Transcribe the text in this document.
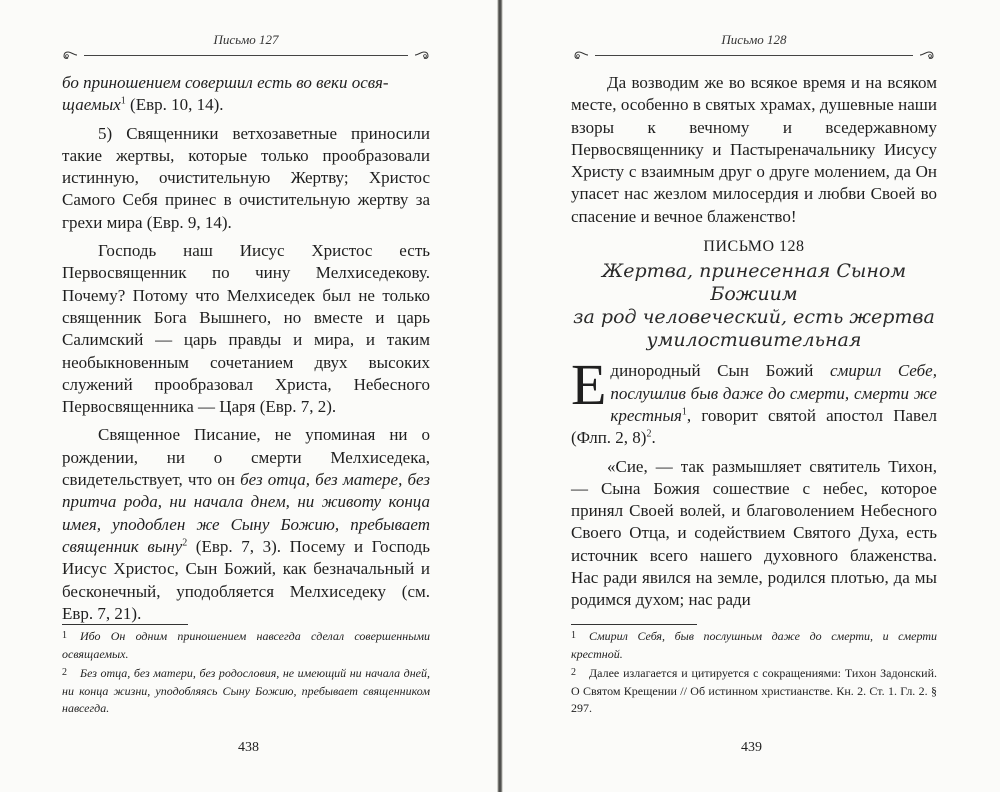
Письмо 127

бо приношением совершил есть во веки освя-
щаемых$^1$ (Евр. 10, 14).

5) Священники ветхозаветные приносили такие жертвы, которые только прообразовали истинную, очистительную Жертву; Христос Самого Себя принес в очистительную жертву за грехи мира (Евр. 9, 14).

Господь наш Иисус Христос есть Первосвященник по чину Мелхиседекову. Почему? Потому что Мелхиседек был не только священник Бога Вышнего, но вместе и царь Салимский — царь правды и мира, и таким необыкновенным сочетанием двух высоких служений прообразовал Христа, Небесного Первосвященника — Царя (Евр. 7, 2).

Священное Писание, не упоминая ни о рождении, ни о смерти Мелхиседека, свидетельствует, что он без отца, без матере, без притча рода, ни начала днем, ни животу конца имея, уподоблен же Сыну Божию, пребывает священник выну$^2$ (Евр. 7, 3). Посему и Господь Иисус Христос, Сын Божий, как безначальный и бесконечный, уподобляется Мелхиседеку (см. Евр. 7, 21).

1 Ибо Он одним приношением навсегда сделал совершенными освящаемых.

2 Без отца, без матери, без родословия, не имеющий ни начала дней, ни конца жизни, уподобляясь Сыну Божию, пребывает священником навсегда.

438
Письмо 128

Да возводим же во всякое время и на всяком месте, особенно в святых храмах, душевные наши взоры к вечному и вседержавному Первосвященнику и Пастыреначальнику Иисусу Христу с взаимным друг о друге молением, да Он упасет нас жезлом милосердия и любви Своей во спасение и вечное блаженство!

ПИСЬМО 128

Жертва, принесенная Сыном Божиим
за род человеческий, есть жертва
умилостивительная

Единородный Сын Божий смирил Себе, послушлив быв даже до смерти, смерти же крестныя$^1$, говорит святой апостол Павел (Флп. 2, 8)$^2$.

«Сие, — так размышляет святитель Тихон, — Сына Божия сошествие с небес, которое принял Своей волей, и благоволением Небесного Своего Отца, и содействием Святого Духа, есть источник всего нашего духовного блаженства. Нас ради явился на земле, родился плотью, да мы родимся духом; нас ради

1 Смирил Себя, быв послушным даже до смерти, и смерти крестной.

2 Далее излагается и цитируется с сокращениями: Тихон Задонский. О Святом Крещении // Об истинном христианстве. Кн. 2. Ст. 1. Гл. 2. § 297.

439
